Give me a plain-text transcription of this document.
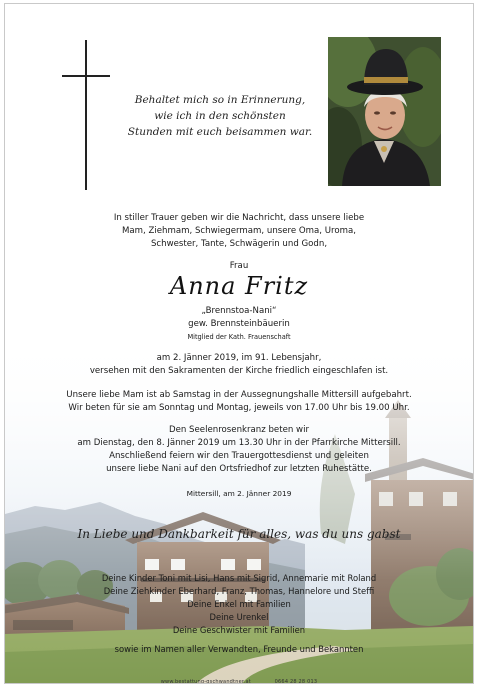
Behaltet mich so in Erinnerung,
wie ich in den schönsten
Stunden mit euch beisammen war.
In stiller Trauer geben wir die Nachricht, dass unsere liebe
Mam, Ziehmam, Schwiegermam, unsere Oma, Uroma,
Schwester, Tante, Schwägerin und Godn,
Frau
Anna Fritz
„Brennstoa-Nani“
gew. Brennsteinbäuerin
Mitglied der Kath. Frauenschaft
am 2. Jänner 2019, im 91. Lebensjahr,
versehen mit den Sakramenten der Kirche friedlich eingeschlafen ist.
Unsere liebe Mam ist ab Samstag in der Aussegnungshalle Mittersill aufgebahrt.
Wir beten für sie am Sonntag und Montag, jeweils von 17.00 Uhr bis 19.00 Uhr.
Den Seelenrosenkranz beten wir
am Dienstag, den 8. Jänner 2019 um 13.30 Uhr in der Pfarrkirche Mittersill.
Anschließend feiern wir den Trauergottesdienst und geleiten
unsere liebe Nani auf den Ortsfriedhof zur letzten Ruhestätte.
Mittersill, am 2. Jänner 2019
In Liebe und Dankbarkeit für alles, was du uns gabst
Deine Kinder Toni mit Lisi, Hans mit Sigrid, Annemarie mit Roland
Deine Ziehkinder Eberhard, Franz, Thomas, Hannelore und Steffi
Deine Enkel mit Familien
Deine Urenkel
Deine Geschwister mit Familien
sowie im Namen aller Verwandten, Freunde und Bekannten
www.bestattung-gschwandtner.at	0664 28 28 013
